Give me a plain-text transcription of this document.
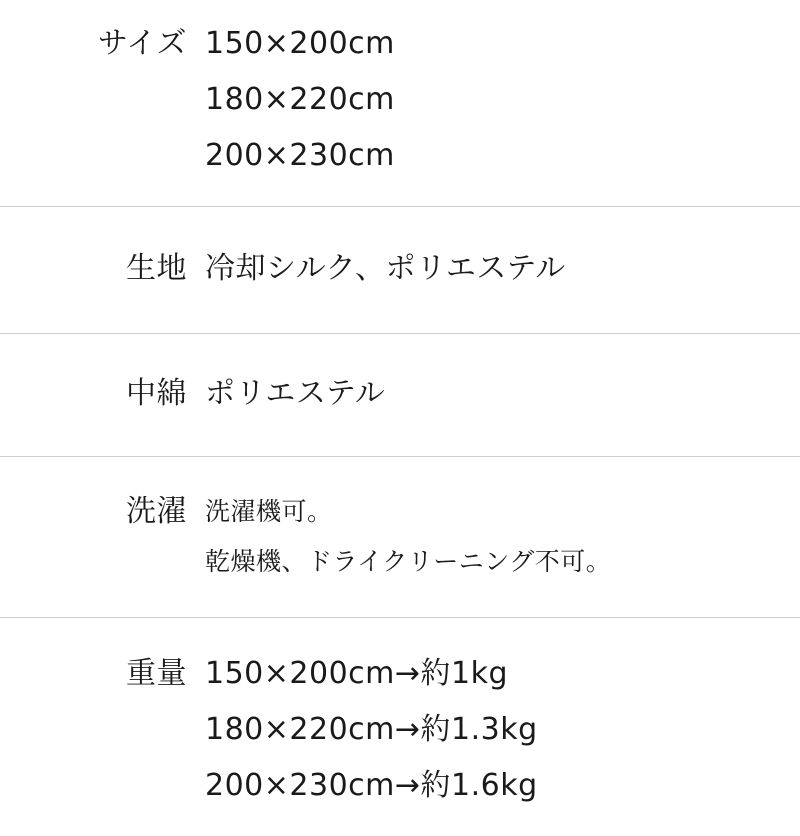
サイズ 150×200cm
180×220cm
200×230cm
生地 冷却シルク、ポリエステル
中綿 ポリエステル
洗濯 洗濯機可。
乾燥機、ドライクリーニング不可。
重量 150×200cm→約1kg
180×220cm→約1.3kg
200×230cm→約1.6kg
